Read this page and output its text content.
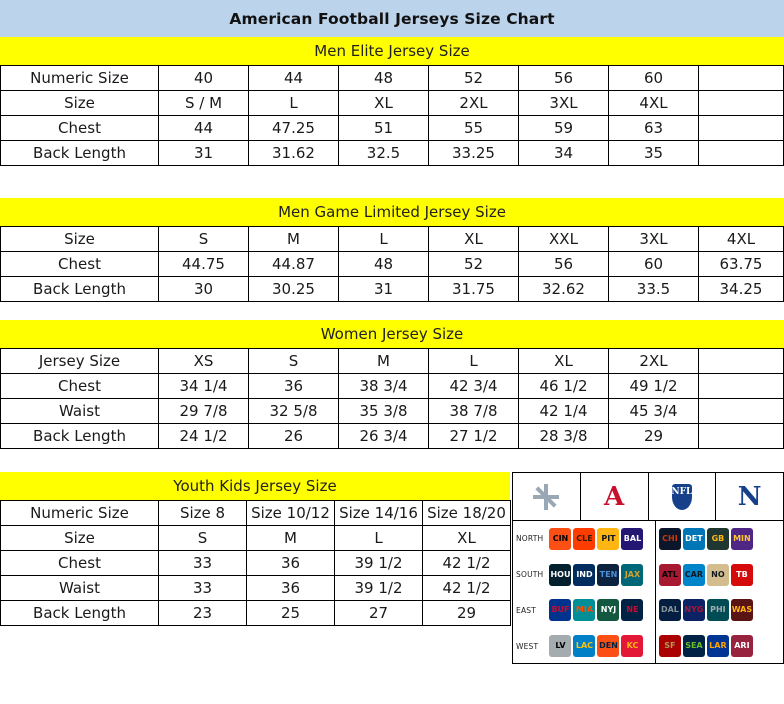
American Football Jerseys Size Chart
Men Elite Jersey Size
Numeric Size	40	44	48	52	56	60	
Size	S / M	L	XL	2XL	3XL	4XL	
Chest	44	47.25	51	55	59	63	
Back Length	31	31.62	32.5	33.25	34	35	
Men Game Limited Jersey Size
Size	S	M	L	XL	XXL	3XL	4XL
Chest	44.75	44.87	48	52	56	60	63.75
Back Length	30	30.25	31	31.75	32.62	33.5	34.25
Women Jersey Size
Jersey Size	XS	S	M	L	XL	2XL	
Chest	34 1/4	36	38 3/4	42 3/4	46 1/2	49 1/2	
Waist	29 7/8	32 5/8	35 3/8	38 7/8	42 1/4	45 3/4	
Back Length	24 1/2	26	26 3/4	27 1/2	28 3/8	29	
Youth Kids Jersey Size
Numeric Size	Size 8	Size 10/12	Size 14/16	Size 18/20
Size	S	M	L	XL
Chest	33	36	39 1/2	42 1/2
Waist	33	36	39 1/2	42 1/2
Back Length	23	25	27	29
A	NFL N
NORTH	CIN	CLE	PIT	BAL	CHI DET	GB	MIN
SOUTH HOU IND TEN JAX	ATL CAR	NO	TB
EAST	BUF MIA NYJ	NE	DAL NYG PHI WAS
WEST	LV	LAC DEN	KC	SF	SEA LAR ARI
